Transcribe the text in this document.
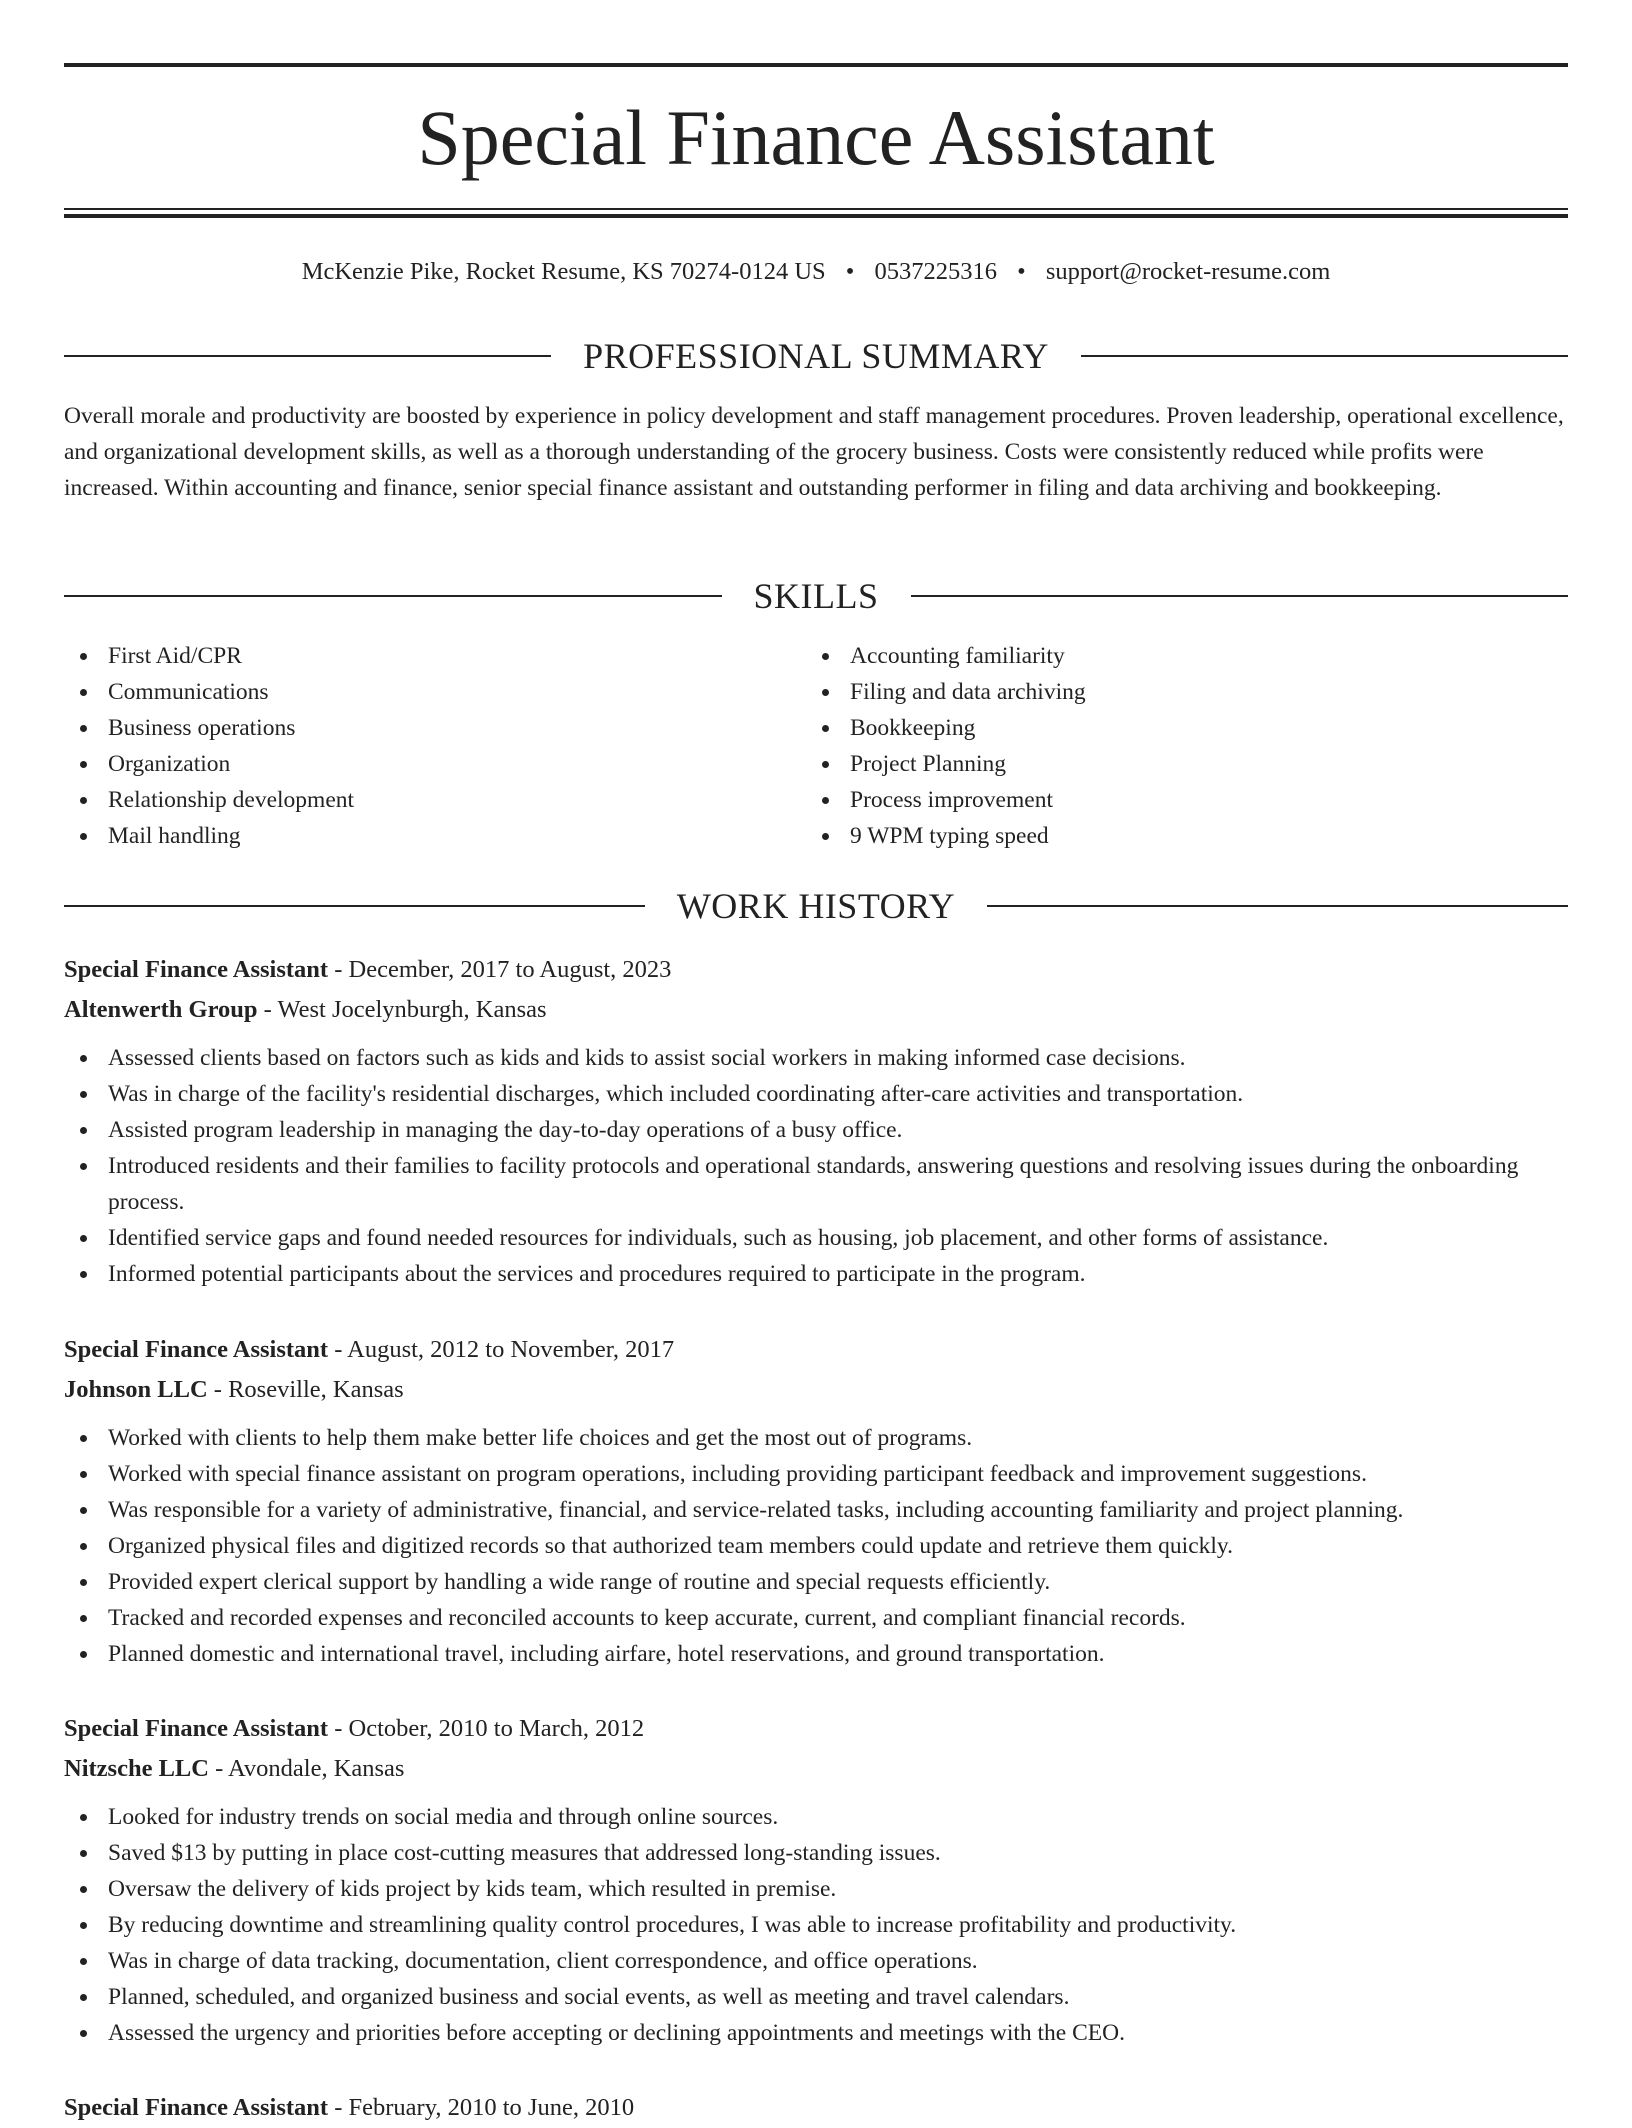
Special Finance Assistant
McKenzie Pike, Rocket Resume, KS 70274-0124 US • 0537225316 • support@rocket-resume.com
PROFESSIONAL SUMMARY

Overall morale and productivity are boosted by experience in policy development and staff management procedures. Proven leadership, operational excellence, and organizational development skills, as well as a thorough understanding of the grocery business. Costs were consistently reduced while profits were increased. Within accounting and finance, senior special finance assistant and outstanding performer in filing and data archiving and bookkeeping.

SKILLS
First Aid/CPR
Communications
Business operations
Organization
Relationship development
Mail handling
Accounting familiarity
Filing and data archiving
Bookkeeping
Project Planning
Process improvement
9 WPM typing speed
WORK HISTORY
Special Finance Assistant - December, 2017 to August, 2023
Altenwerth Group - West Jocelynburgh, Kansas
Assessed clients based on factors such as kids and kids to assist social workers in making informed case decisions.
Was in charge of the facility's residential discharges, which included coordinating after-care activities and transportation.
Assisted program leadership in managing the day-to-day operations of a busy office.
Introduced residents and their families to facility protocols and operational standards, answering questions and resolving issues during the onboarding process.
Identified service gaps and found needed resources for individuals, such as housing, job placement, and other forms of assistance.
Informed potential participants about the services and procedures required to participate in the program.
Special Finance Assistant - August, 2012 to November, 2017
Johnson LLC - Roseville, Kansas
Worked with clients to help them make better life choices and get the most out of programs.
Worked with special finance assistant on program operations, including providing participant feedback and improvement suggestions.
Was responsible for a variety of administrative, financial, and service-related tasks, including accounting familiarity and project planning.
Organized physical files and digitized records so that authorized team members could update and retrieve them quickly.
Provided expert clerical support by handling a wide range of routine and special requests efficiently.
Tracked and recorded expenses and reconciled accounts to keep accurate, current, and compliant financial records.
Planned domestic and international travel, including airfare, hotel reservations, and ground transportation.
Special Finance Assistant - October, 2010 to March, 2012
Nitzsche LLC - Avondale, Kansas
Looked for industry trends on social media and through online sources.
Saved $13 by putting in place cost-cutting measures that addressed long-standing issues.
Oversaw the delivery of kids project by kids team, which resulted in premise.
By reducing downtime and streamlining quality control procedures, I was able to increase profitability and productivity.
Was in charge of data tracking, documentation, client correspondence, and office operations.
Planned, scheduled, and organized business and social events, as well as meeting and travel calendars.
Assessed the urgency and priorities before accepting or declining appointments and meetings with the CEO.
Special Finance Assistant - February, 2010 to June, 2010
